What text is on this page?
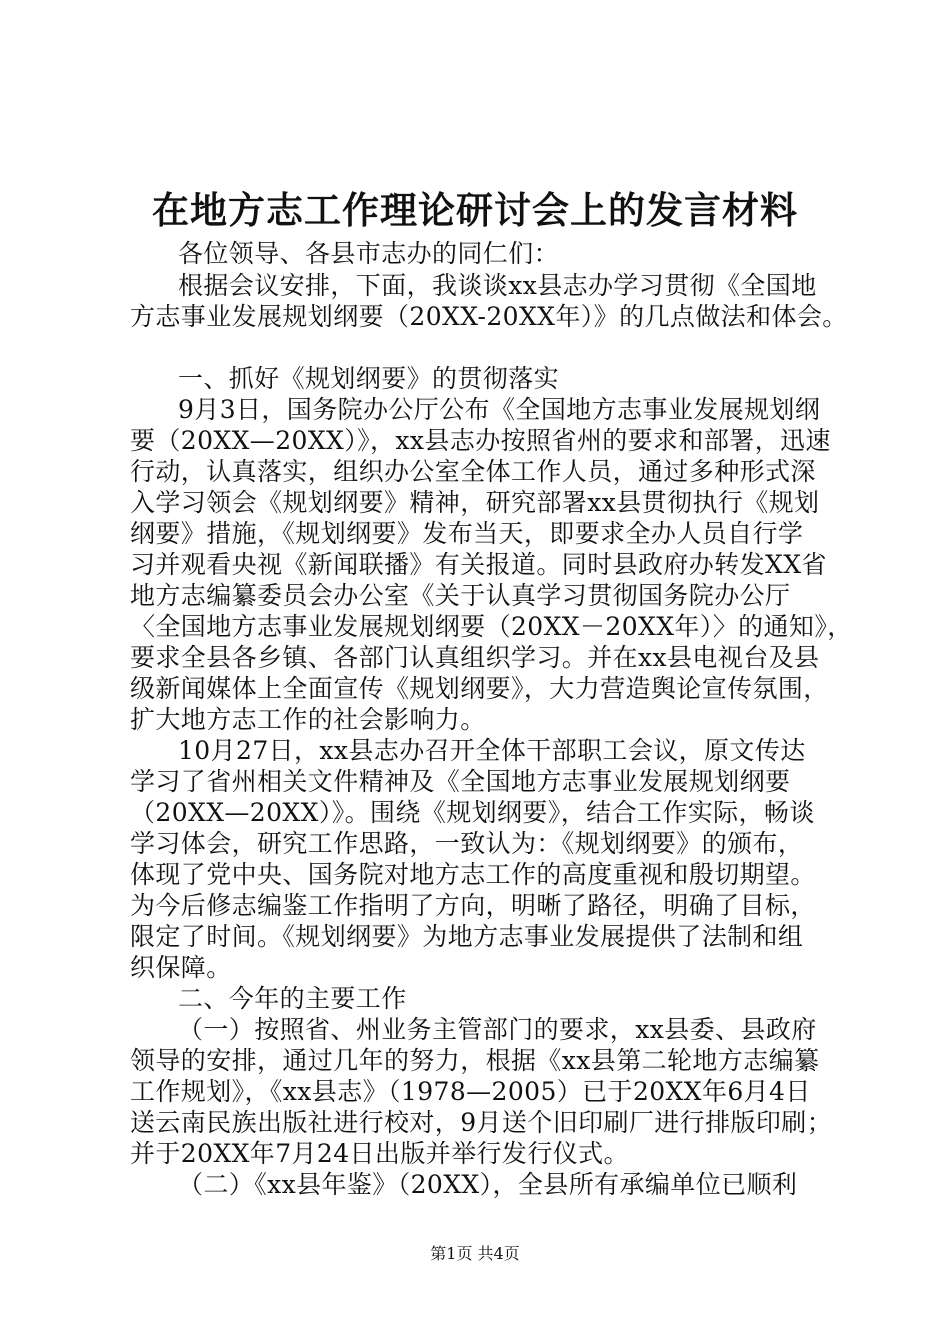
在地方志工作理论研讨会上的发言材料
各位领导、各县市志办的同仁们：
根据会议安排，下面，我谈谈xx县志办学习贯彻《全国地
方志事业发展规划纲要（20XX-20XX年）》的几点做法和体会。
一、抓好《规划纲要》的贯彻落实
9月3日，国务院办公厅公布《全国地方志事业发展规划纲
要（20XX—20XX）》，xx县志办按照省州的要求和部署，迅速
行动，认真落实，组织办公室全体工作人员，通过多种形式深
入学习领会《规划纲要》精神，研究部署xx县贯彻执行《规划
纲要》措施，《规划纲要》发布当天，即要求全办人员自行学
习并观看央视《新闻联播》有关报道。同时县政府办转发XX省
地方志编纂委员会办公室《关于认真学习贯彻国务院办公厅
〈全国地方志事业发展规划纲要（20XX－20XX年）〉的通知》，
要求全县各乡镇、各部门认真组织学习。并在xx县电视台及县
级新闻媒体上全面宣传《规划纲要》，大力营造舆论宣传氛围，
扩大地方志工作的社会影响力。
10月27日，xx县志办召开全体干部职工会议，原文传达
学习了省州相关文件精神及《全国地方志事业发展规划纲要
（20XX—20XX）》。围绕《规划纲要》，结合工作实际，畅谈
学习体会，研究工作思路，一致认为：《规划纲要》的颁布，
体现了党中央、国务院对地方志工作的高度重视和殷切期望。
为今后修志编鉴工作指明了方向，明晰了路径，明确了目标，
限定了时间。《规划纲要》为地方志事业发展提供了法制和组
织保障。
二、今年的主要工作
（一）按照省、州业务主管部门的要求，xx县委、县政府
领导的安排，通过几年的努力，根据《xx县第二轮地方志编纂
工作规划》，《xx县志》（1978—2005）已于20XX年6月4日
送云南民族出版社进行校对，9月送个旧印刷厂进行排版印刷；
并于20XX年7月24日出版并举行发行仪式。
（二）《xx县年鉴》（20XX），全县所有承编单位已顺利
第1页 共4页
